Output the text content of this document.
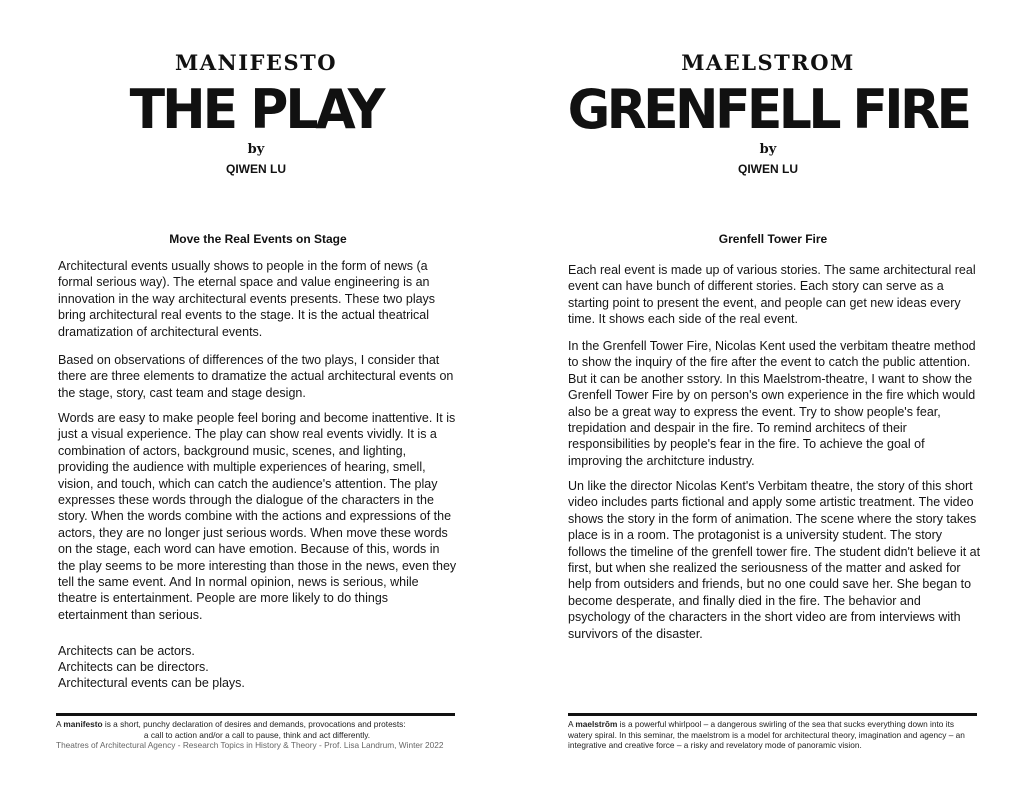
MANIFESTO
THE PLAY
by
QIWEN LU
Move the Real Events on Stage

Architectural events usually shows to people in the form of news (a formal serious way). The eternal space and value engineering is an innovation in the way architectural events presents. These two plays bring architectural real events to the stage. It is the actual theatrical dramatization of architectural events.

Based on observations of differences of the two plays, I consider that there are three elements to dramatize the actual architectural events on the stage, story, cast team and stage design.

Words are easy to make people feel boring and become inattentive. It is just a visual experience. The play can show real events vividly. It is a combination of actors, background music, scenes, and lighting, providing the audience with multiple experiences of hearing, smell, vision, and touch, which can catch the audience's attention. The play expresses these words through the dialogue of the characters in the story. When the words combine with the actions and expressions of the actors, they are no longer just serious words. When move these words on the stage, each word can have emotion. Because of this, words in the play seems to be more interesting than those in the news, even they tell the same event. And In normal opinion, news is serious, while theatre is entertainment. People are more likely to do things etertainment than serious.

Architects can be actors.

Architects can be directors.

Architectural events can be plays.

A manifesto is a short, punchy declaration of desires and demands, provocations and protests:
a call to action and/or a call to pause, think and act differently.
Theatres of Architectural Agency - Research Topics in History & Theory - Prof. Lisa Landrum, Winter 2022

MAELSTROM
GRENFELL FIRE
by
QIWEN LU
Grenfell Tower Fire

Each real event is made up of various stories. The same architectural real event can have bunch of different stories. Each story can serve as a starting point to present the event, and people can get new ideas every time. It shows each side of the real event.

In the Grenfell Tower Fire, Nicolas Kent used the verbitam theatre method to show the inquiry of the fire after the event to catch the public attention. But it can be another sstory. In this Maelstrom-theatre, I want to show the Grenfell Tower Fire by on person's own experience in the fire which would also be a great way to express the event. Try to show people's fear, trepidation and despair in the fire. To remind architecs of their responsibilities by people's fear in the fire. To achieve the goal of improving the architcture industry.

Un like the director Nicolas Kent's Verbitam theatre, the story of this short video includes parts fictional and apply some artistic treatment. The video shows the story in the form of animation. The scene where the story takes place is in a room. The protagonist is a university student. The story follows the timeline of the grenfell tower fire. The student didn't believe it at first, but when she realized the seriousness of the matter and asked for help from outsiders and friends, but no one could save her. She began to become desperate, and finally died in the fire. The behavior and psychology of the characters in the short video are from interviews with survivors of the disaster.

A maelstrōm is a powerful whirlpool – a dangerous swirling of the sea that sucks everything down into its watery spiral. In this seminar, the maelstrom is a model for architectural theory, imagination and agency – an integrative and creative force – a risky and revelatory mode of panoramic vision.
